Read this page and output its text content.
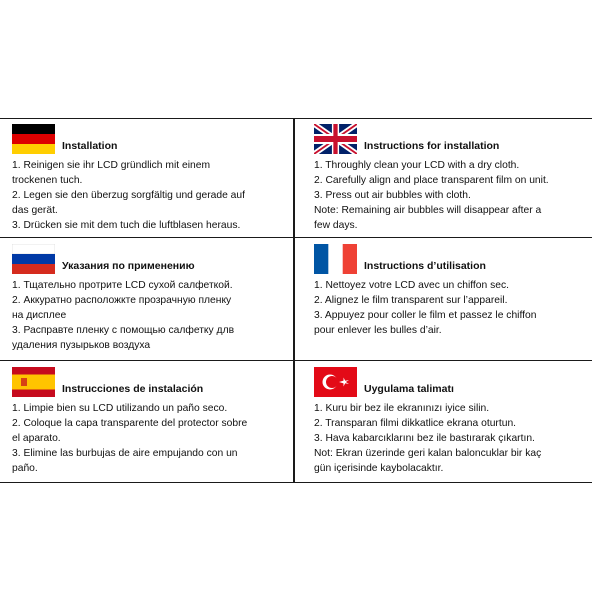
Installation
1. Reinigen sie ihr LCD gründlich mit einem
trockenen tuch.
2. Legen sie den überzug sorgfältig und gerade auf
das gerät.
3. Drücken sie mit dem tuch die luftblasen heraus.
Instructions for installation
1. Throughly clean your LCD with a dry cloth.
2. Carefully align and place transparent film on unit.
3. Press out air bubbles with cloth.
Note: Remaining air bubbles will disappear after a
few days.
Указания по применению
1. Тщательно протрите LCD сухой салфеткой.
2. Аккуратно расположкте прозрачную пленку
на дисплее
3. Расправте пленку с помощью салфетку длв
удаления пузырьков воздуха
Instructions d’utilisation
1. Nettoyez votre LCD avec un chiffon sec.
2. Alignez le film transparent sur l’appareil.
3. Appuyez pour coller le film et passez le chiffon
pour enlever les bulles d’air.
Instrucciones de instalación
1. Limpie bien su LCD utilizando un paño seco.
2. Coloque la capa transparente del protector sobre
el aparato.
3. Elimine las burbujas de aire empujando con un
paño.
Uygulama talimatı
1. Kuru bir bez ile ekranınızı iyice silin.
2. Transparan filmi dikkatlice ekrana oturtun.
3. Hava kabarcıklarını bez ile bastırarak çıkartın.
Not: Ekran üzerinde geri kalan baloncuklar bir kaç
gün içerisinde kaybolacaktır.
